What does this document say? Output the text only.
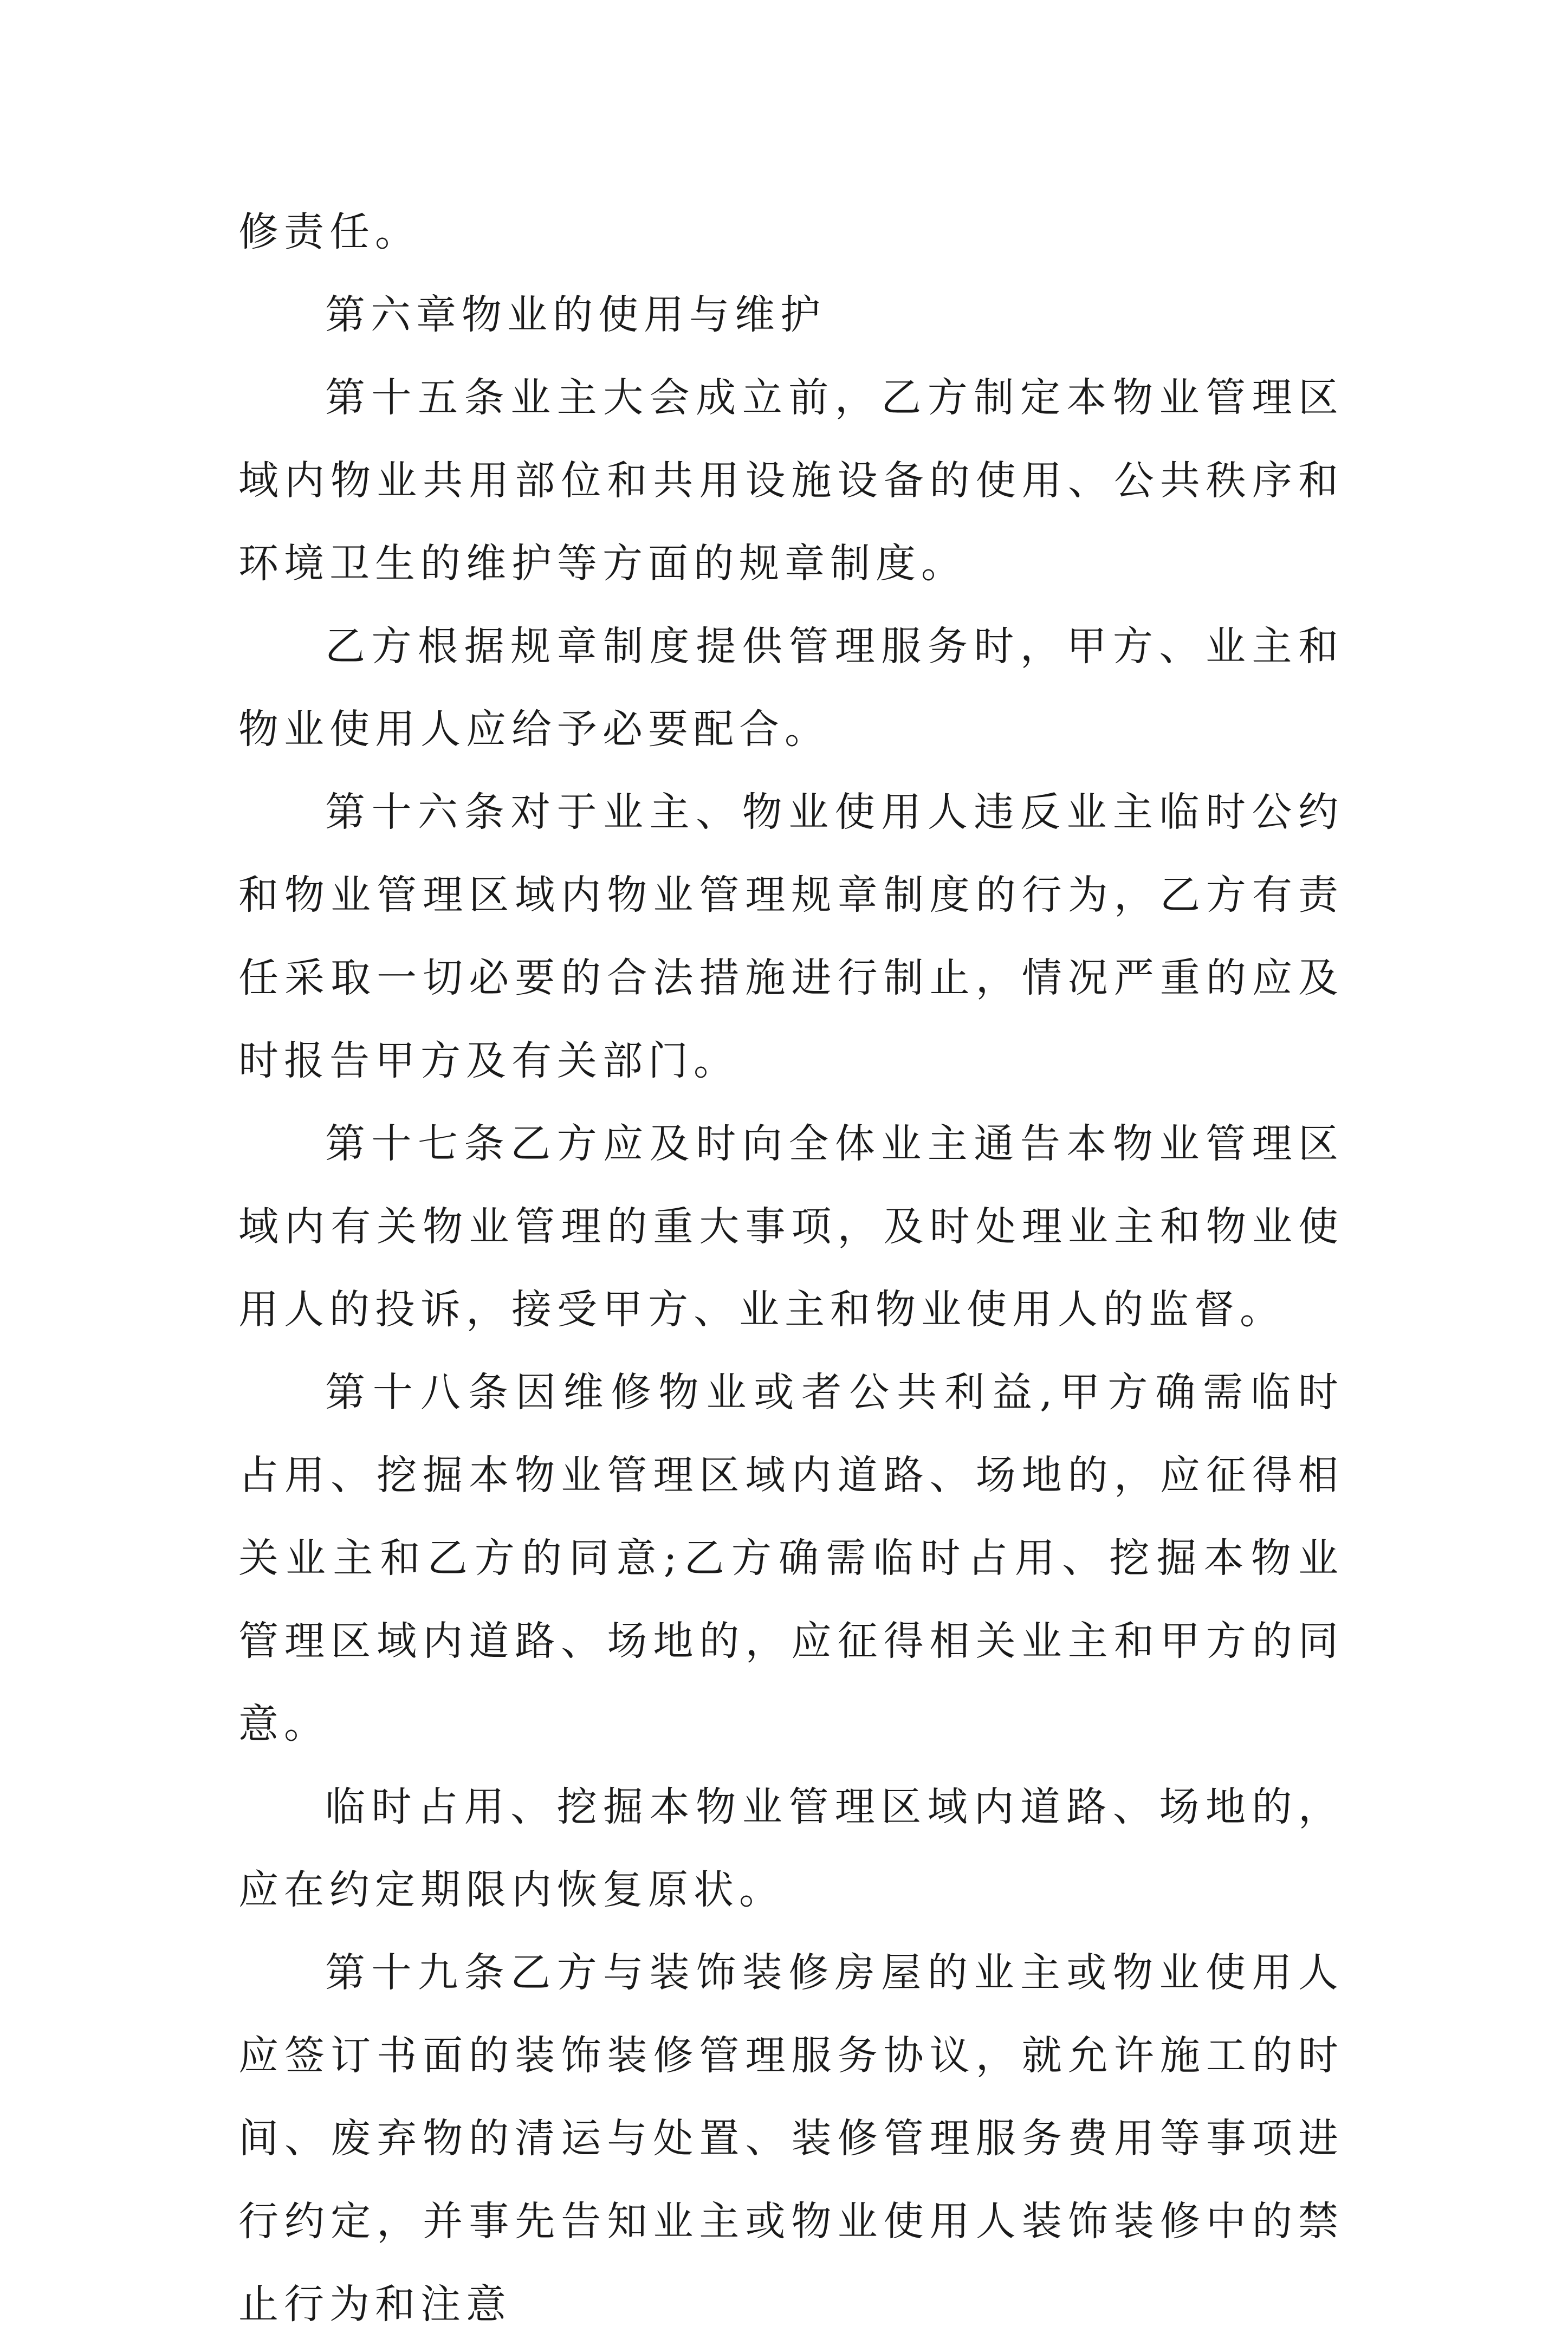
修责任。

第六章物业的使用与维护

第十五条业主大会成立前，乙方制定本物业管理区域内物业共用部位和共用设施设备的使用、公共秩序和环境卫生的维护等方面的规章制度。

乙方根据规章制度提供管理服务时，甲方、业主和物业使用人应给予必要配合。

第十六条对于业主、物业使用人违反业主临时公约和物业管理区域内物业管理规章制度的行为，乙方有责任采取一切必要的合法措施进行制止，情况严重的应及时报告甲方及有关部门。

第十七条乙方应及时向全体业主通告本物业管理区域内有关物业管理的重大事项，及时处理业主和物业使用人的投诉，接受甲方、业主和物业使用人的监督。

第十八条因维修物业或者公共利益,甲方确需临时占用、挖掘本物业管理区域内道路、场地的，应征得相关业主和乙方的同意;乙方确需临时占用、挖掘本物业管理区域内道路、场地的，应征得相关业主和甲方的同意。

临时占用、挖掘本物业管理区域内道路、场地的，应在约定期限内恢复原状。

第十九条乙方与装饰装修房屋的业主或物业使用人应签订书面的装饰装修管理服务协议，就允许施工的时间、废弃物的清运与处置、装修管理服务费用等事项进行约定，并事先告知业主或物业使用人装饰装修中的禁止行为和注意
